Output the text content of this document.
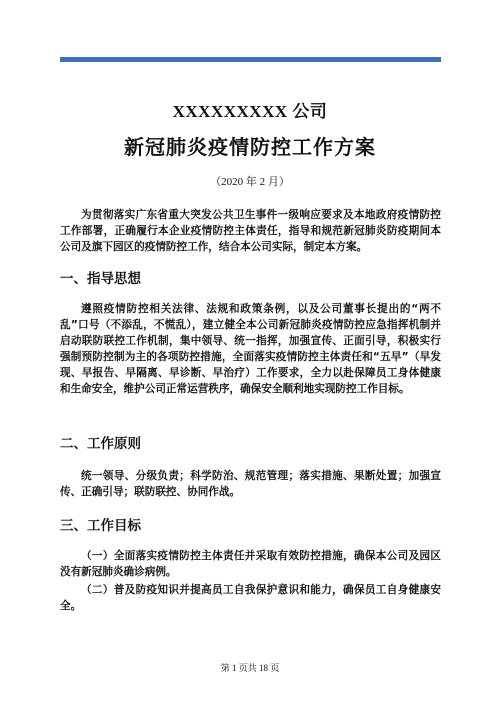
XXXXXXXXX 公司
新冠肺炎疫情防控工作方案
（2020 年 2 月）

为贯彻落实广东省重大突发公共卫生事件一级响应要求及本地政府疫情防控工作部署，正确履行本企业疫情防控主体责任，指导和规范新冠肺炎防疫期间本公司及旗下园区的疫情防控工作，结合本公司实际，制定本方案。

一、指导思想

遵照疫情防控相关法律、法规和政策条例，以及公司董事长提出的“两不乱”口号（不添乱，不慌乱），建立健全本公司新冠肺炎疫情防控应急指挥机制并启动联防联控工作机制，集中领导、统一指挥，加强宣传、正面引导，积极实行强制预防控制为主的各项防控措施，全面落实疫情防控主体责任和“五早”（早发现、早报告、早隔离、早诊断、早治疗）工作要求，全力以赴保障员工身体健康和生命安全，维护公司正常运营秩序，确保安全顺利地实现防控工作目标。

二、工作原则

统一领导、分级负责；科学防治、规范管理；落实措施、果断处置；加强宣传、正确引导；联防联控、协同作战。

三、工作目标

（一）全面落实疫情防控主体责任并采取有效防控措施，确保本公司及园区没有新冠肺炎确诊病例。

（二）普及防疫知识并提高员工自我保护意识和能力，确保员工自身健康安全。

第 1 页共 18 页
